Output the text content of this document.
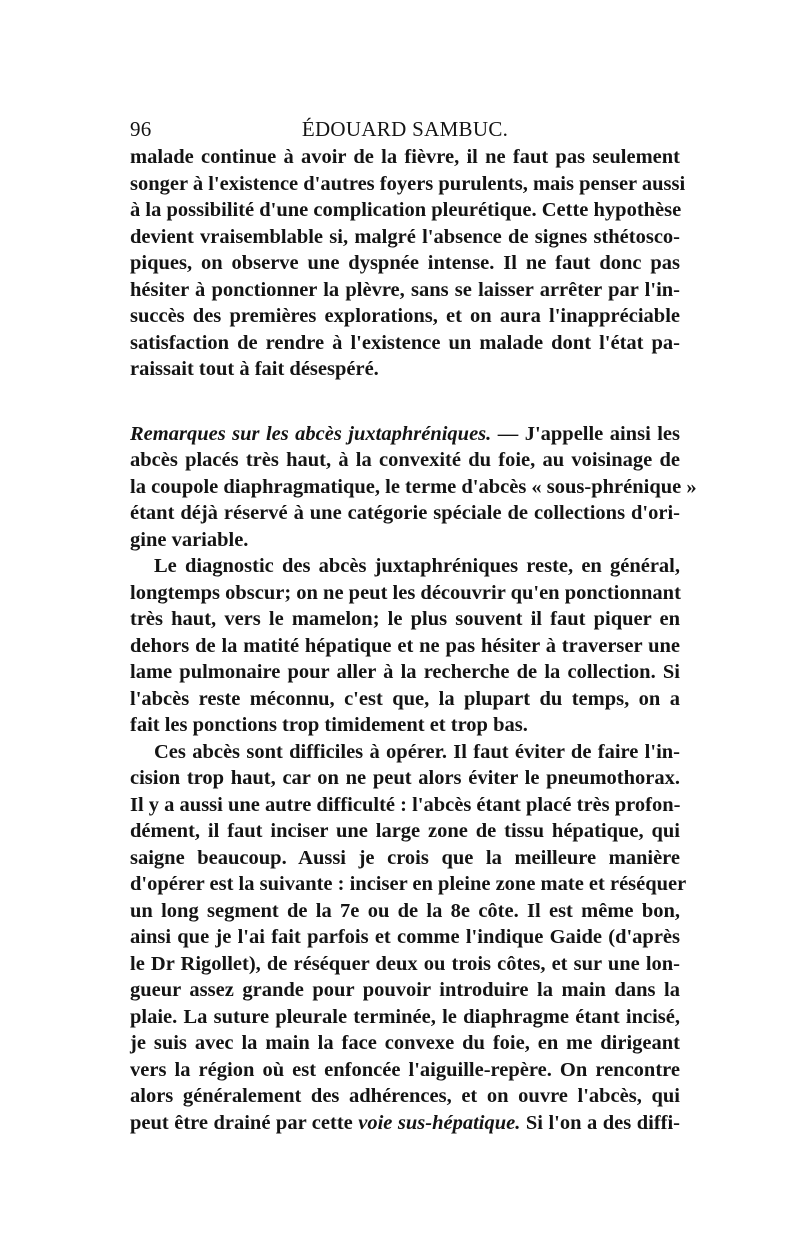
96	ÉDOUARD SAMBUC.
malade continue à avoir de la fièvre, il ne faut pas seulement
songer à l'existence d'autres foyers purulents, mais penser aussi
à la possibilité d'une complication pleurétique. Cette hypothèse
devient vraisemblable si, malgré l'absence de signes sthétosco-
piques, on observe une dyspnée intense. Il ne faut donc pas
hésiter à ponctionner la plèvre, sans se laisser arrêter par l'in-
succès des premières explorations, et on aura l'inappréciable
satisfaction de rendre à l'existence un malade dont l'état pa-
raissait tout à fait désespéré.
Remarques sur les abcès juxtaphréniques. — J'appelle ainsi les
abcès placés très haut, à la convexité du foie, au voisinage de
la coupole diaphragmatique, le terme d'abcès « sous-phrénique »
étant déjà réservé à une catégorie spéciale de collections d'ori-
gine variable.
Le diagnostic des abcès juxtaphréniques reste, en général,
longtemps obscur; on ne peut les découvrir qu'en ponctionnant
très haut, vers le mamelon; le plus souvent il faut piquer en
dehors de la matité hépatique et ne pas hésiter à traverser une
lame pulmonaire pour aller à la recherche de la collection. Si
l'abcès reste méconnu, c'est que, la plupart du temps, on a
fait les ponctions trop timidement et trop bas.
Ces abcès sont difficiles à opérer. Il faut éviter de faire l'in-
cision trop haut, car on ne peut alors éviter le pneumothorax.
Il y a aussi une autre difficulté : l'abcès étant placé très profon-
dément, il faut inciser une large zone de tissu hépatique, qui
saigne beaucoup. Aussi je crois que la meilleure manière
d'opérer est la suivante : inciser en pleine zone mate et réséquer
un long segment de la 7e ou de la 8e côte. Il est même bon,
ainsi que je l'ai fait parfois et comme l'indique Gaide (d'après
le Dr Rigollet), de réséquer deux ou trois côtes, et sur une lon-
gueur assez grande pour pouvoir introduire la main dans la
plaie. La suture pleurale terminée, le diaphragme étant incisé,
je suis avec la main la face convexe du foie, en me dirigeant
vers la région où est enfoncée l'aiguille-repère. On rencontre
alors généralement des adhérences, et on ouvre l'abcès, qui
peut être drainé par cette voie sus-hépatique. Si l'on a des diffi-
